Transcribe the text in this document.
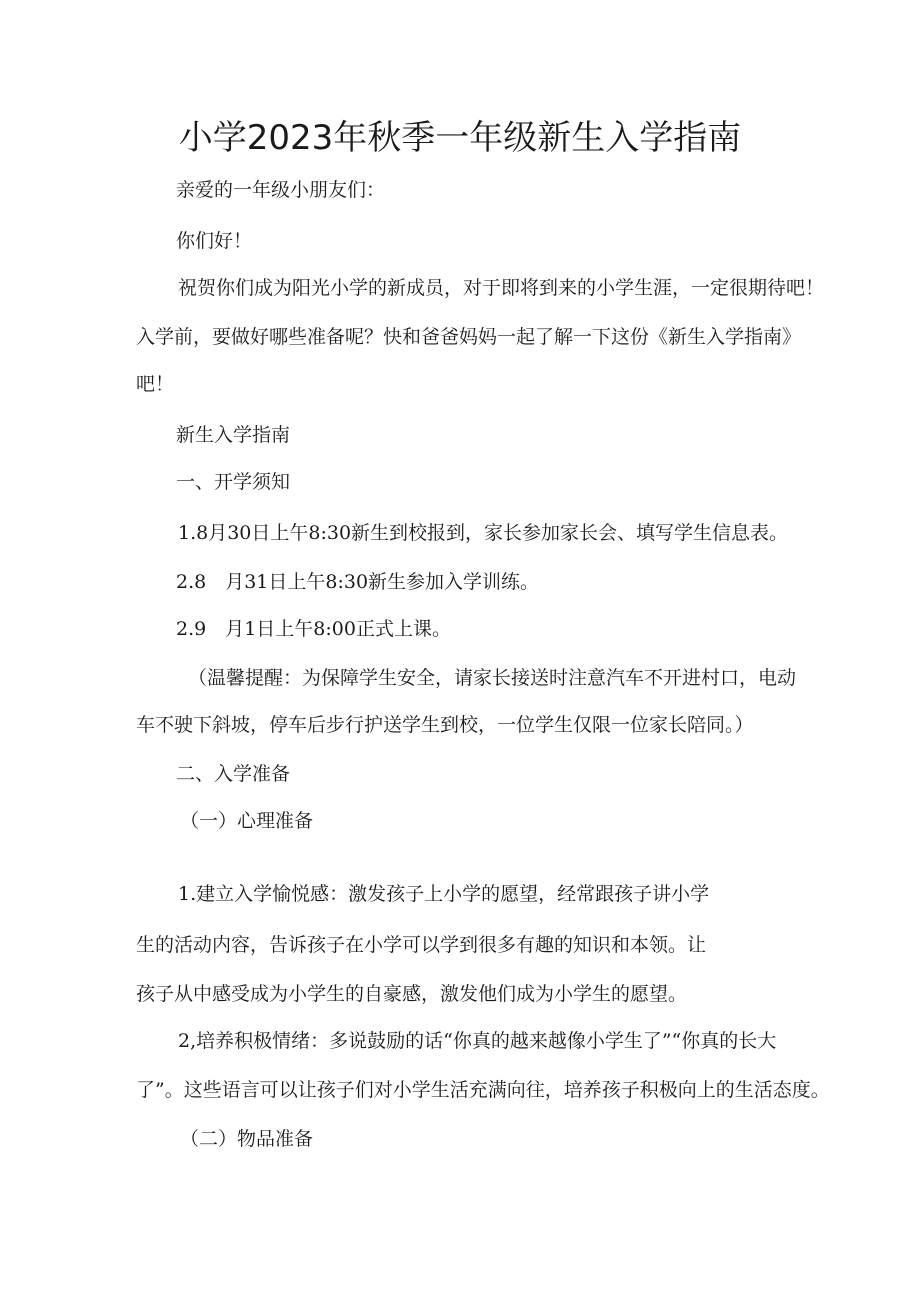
小学2023年秋季一年级新生入学指南
亲爱的一年级小朋友们：
你们好！
祝贺你们成为阳光小学的新成员，对于即将到来的小学生涯，一定很期待吧！
入学前，要做好哪些准备呢？快和爸爸妈妈一起了解一下这份《新生入学指南》
吧！
新生入学指南
一、开学须知
1.8月30日上午8:30新生到校报到，家长参加家长会、填写学生信息表。
2.8　月31日上午8:30新生参加入学训练。
2.9　月1日上午8:00正式上课。
（温馨提醒：为保障学生安全，请家长接送时注意汽车不开进村口，电动
车不驶下斜坡，停车后步行护送学生到校，一位学生仅限一位家长陪同。）
二、入学准备
（一）心理准备
1.建立入学愉悦感：激发孩子上小学的愿望，经常跟孩子讲小学
生的活动内容，告诉孩子在小学可以学到很多有趣的知识和本领。让
孩子从中感受成为小学生的自豪感，激发他们成为小学生的愿望。
2,培养积极情绪：多说鼓励的话“你真的越来越像小学生了”“你真的长大
了”。这些语言可以让孩子们对小学生活充满向往，培养孩子积极向上的生活态度。
（二）物品准备
